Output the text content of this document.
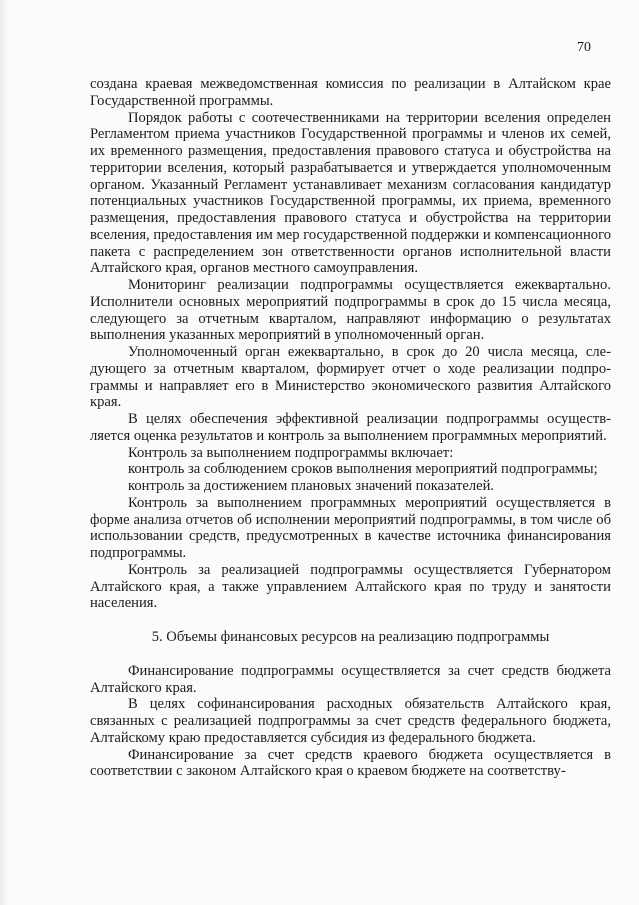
70

создана краевая межведомственная комиссия по реализации в Алтайском крае Государственной программы.

Порядок работы с соотечественниками на территории вселения определен Регламентом приема участников Государственной программы и членов их семей, их временного размещения, предоставления правового статуса и обустройства на территории вселения, который разрабатывается и утверждается уполномоченным органом. Указанный Регламент устанавливает механизм согласования кандидатур потенциальных участников Государственной программы, их приема, временного размещения, предоставления правового статуса и обустройства на территории вселения, предоставления им мер государственной поддержки и компенсационного пакета с распределением зон ответственности органов исполнительной власти Алтайского края, органов местного самоуправления.

Мониторинг реализации подпрограммы осуществляется ежеквартально. Исполнители основных мероприятий подпрограммы в срок до 15 числа месяца, следующего за отчетным кварталом, направляют информацию о результатах выполнения указанных мероприятий в уполномоченный орган.

Уполномоченный орган ежеквартально, в срок до 20 числа месяца, следующего за отчетным кварталом, формирует отчет о ходе реализации подпрограммы и направляет его в Министерство экономического развития Алтайского края.

В целях обеспечения эффективной реализации подпрограммы осуществляется оценка результатов и контроль за выполнением программных мероприятий.

Контроль за выполнением подпрограммы включает:

контроль за соблюдением сроков выполнения мероприятий подпрограммы;

контроль за достижением плановых значений показателей.

Контроль за выполнением программных мероприятий осуществляется в форме анализа отчетов об исполнении мероприятий подпрограммы, в том числе об использовании средств, предусмотренных в качестве источника финансирования подпрограммы.

Контроль за реализацией подпрограммы осуществляется Губернатором Алтайского края, а также управлением Алтайского края по труду и занятости населения.

5. Объемы финансовых ресурсов на реализацию подпрограммы

Финансирование подпрограммы осуществляется за счет средств бюджета Алтайского края.

В целях софинансирования расходных обязательств Алтайского края, связанных с реализацией подпрограммы за счет средств федерального бюджета, Алтайскому краю предоставляется субсидия из федерального бюджета.

Финансирование за счет средств краевого бюджета осуществляется в соответствии с законом Алтайского края о краевом бюджете на соответству-
